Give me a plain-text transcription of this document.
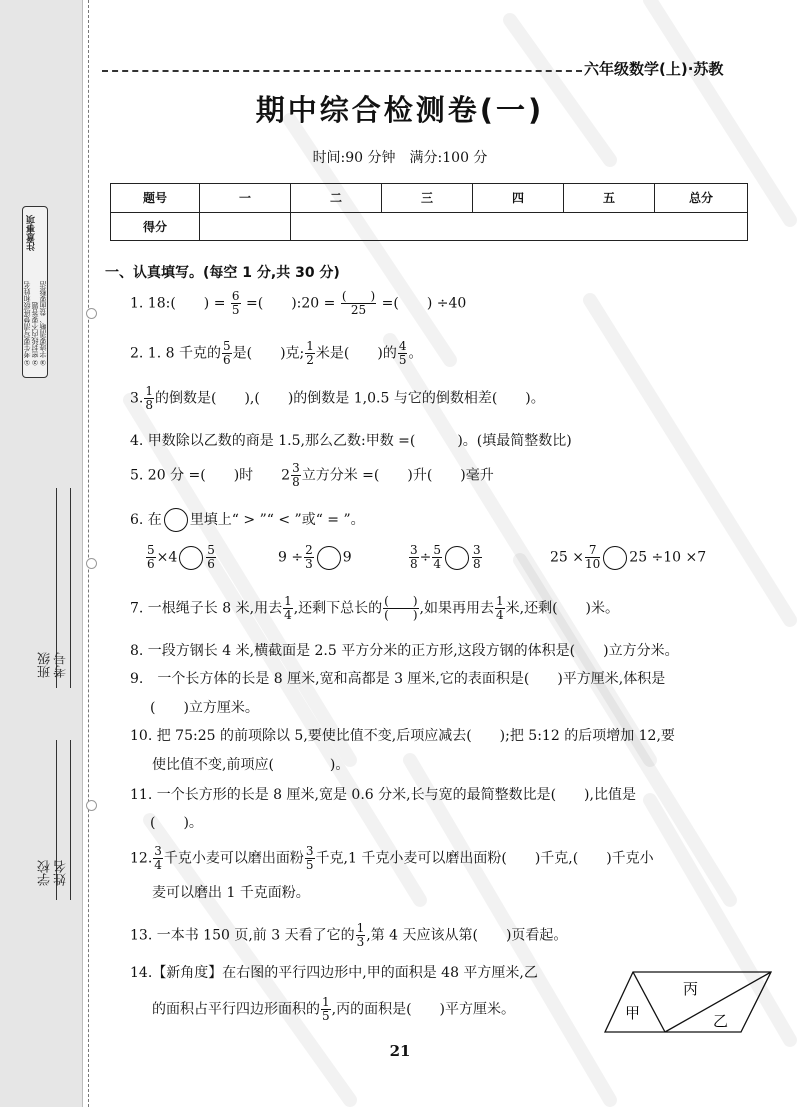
注意事项
①考生要写清楚班级和姓名 ②密封线内不要答题 ③字迹要清晰、卷面要整洁
学校 姓名
班级 考号
六年级数学(上)·苏教
期中综合检测卷(一)
时间:90 分钟　满分:100 分
题号	一	二	三	四	五	总分
得分						
一、认真填写。(每空 1 分,共 30 分)
1. 18:(　　) = $\frac{6}{5}$ =(　　):20 = $\frac{( )}{25}$ =(　　) ÷40
2. 1. 8 千克的 $\frac{5}{6}$ 是(　　)克; $\frac{1}{2}$ 米是(　　)的 $\frac{4}{5}$ 。
3. $\frac{1}{8}$ 的倒数是(　　),(　　)的倒数是 1,0.5 与它的倒数相差(　　)。
4. 甲数除以乙数的商是 1.5,那么乙数:甲数 =(　　　)。(填最简整数比)
5. 20 分 =(　　)时　　$2 \frac{3}{8}$ 立方分米 =(　　)升(　　)毫升
6. 在 里填上“ > ”“ < ”或“ = ”。
$\frac{5}{6} \times 4 \frac{5}{6}$	$9 \div \frac{2}{3} 9$	$\frac{3}{8} \div \frac{5}{4}$	$\frac{3}{8}$	$25 \times \frac{7}{10} 25 \div 10 \times 7$
7. 一根绳子长 8 米,用去 $\frac{1}{4}$ ,还剩下总长的 $\frac{( )}{( )}$ ,如果再用去 $\frac{1}{4}$ 米,还剩(　　)米。
8. 一段方钢长 4 米,横截面是 2.5 平方分米的正方形,这段方钢的体积是(　　)立方分米。
9.　一个长方体的长是 8 厘米,宽和高都是 3 厘米,它的表面积是(　　)平方厘米,体积是
(　　)立方厘米。
10. 把 75:25 的前项除以 5,要使比值不变,后项应减去(　　);把 5:12 的后项增加 12,要
使比值不变,前项应(　　　　)。
11. 一个长方形的长是 8 厘米,宽是 0.6 分米,长与宽的最简整数比是(　　),比值是
(　　)。
12. $\frac{3}{4}$ 千克小麦可以磨出面粉 $\frac{3}{5}$ 千克,1 千克小麦可以磨出面粉(　　)千克,(　　)千克小
麦可以磨出 1 千克面粉。
13. 一本书 150 页,前 3 天看了它的 $\frac{1}{3}$ ,第 4 天应该从第(　　)页看起。
14.【新角度】在右图的平行四边形中,甲的面积是 48 平方厘米,乙
的面积占平行四边形面积的 $\frac{1}{5}$ ,丙的面积是(　　)平方厘米。	甲
丙
乙
21
